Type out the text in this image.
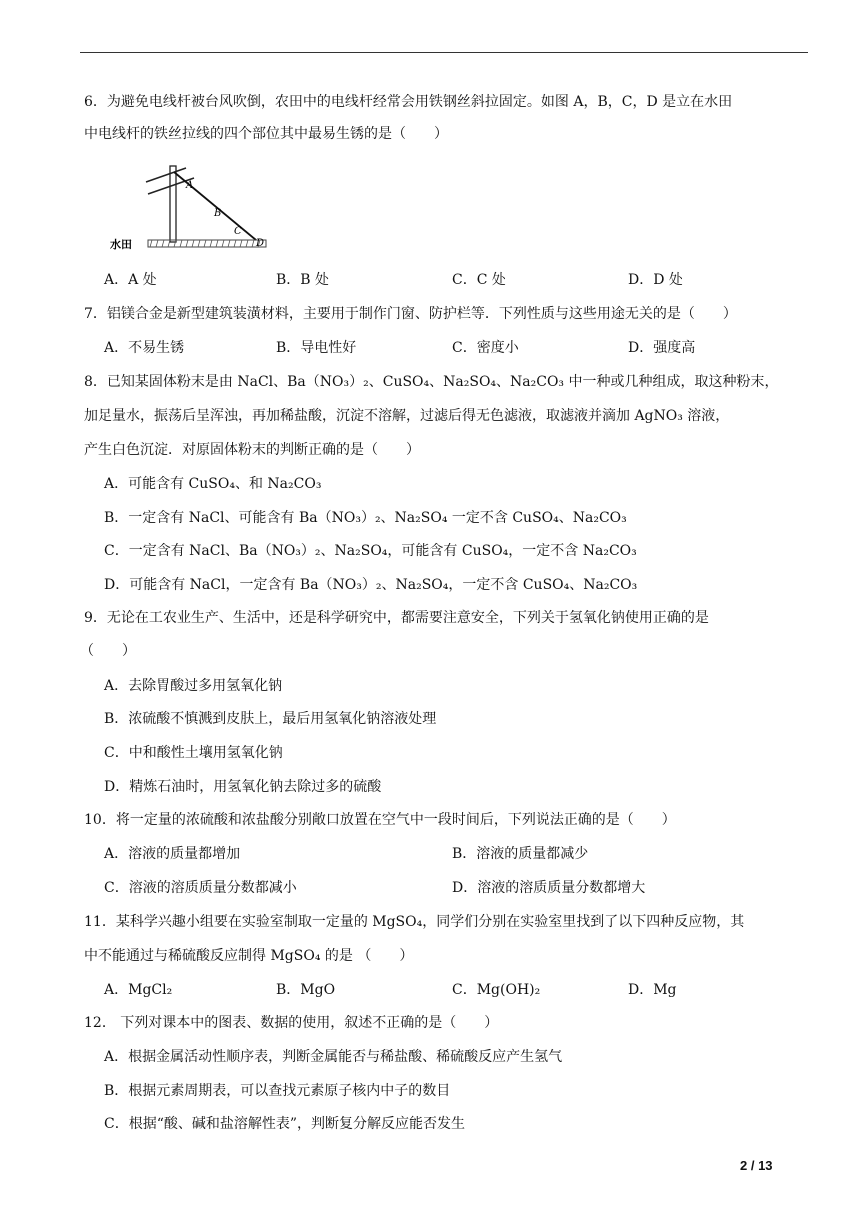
6．为避免电线杆被台风吹倒，农田中的电线杆经常会用铁钢丝斜拉固定。如图 A，B，C，D 是立在水田
中电线杆的铁丝拉线的四个部位其中最易生锈的是（　　）
水田
A
B
C
D
A．A 处	B．B 处	C．C 处	D．D 处
7．铝镁合金是新型建筑装潢材料，主要用于制作门窗、防护栏等．下列性质与这些用途无关的是（　　）
A．不易生锈	B．导电性好	C．密度小	D．强度高
8．已知某固体粉末是由 NaCl、Ba（NO₃）₂、CuSO₄、Na₂SO₄、Na₂CO₃ 中一种或几种组成，取这种粉末，
加足量水，振荡后呈浑浊，再加稀盐酸，沉淀不溶解，过滤后得无色滤液，取滤液并滴加 AgNO₃ 溶液，
产生白色沉淀．对原固体粉末的判断正确的是（　　）
A．可能含有 CuSO₄、和 Na₂CO₃
B．一定含有 NaCl、可能含有 Ba（NO₃）₂、Na₂SO₄ 一定不含 CuSO₄、Na₂CO₃
C．一定含有 NaCl、Ba（NO₃）₂、Na₂SO₄，可能含有 CuSO₄，一定不含 Na₂CO₃
D．可能含有 NaCl，一定含有 Ba（NO₃）₂、Na₂SO₄，一定不含 CuSO₄、Na₂CO₃
9．无论在工农业生产、生活中，还是科学研究中，都需要注意安全，下列关于氢氧化钠使用正确的是
（　　）
A．去除胃酸过多用氢氧化钠
B．浓硫酸不慎溅到皮肤上，最后用氢氧化钠溶液处理
C．中和酸性土壤用氢氧化钠
D．精炼石油时，用氢氧化钠去除过多的硫酸
10．将一定量的浓硫酸和浓盐酸分别敞口放置在空气中一段时间后，下列说法正确的是（　　）
A．溶液的质量都增加	B．溶液的质量都减少
C．溶液的溶质质量分数都减小	D．溶液的溶质质量分数都增大
11．某科学兴趣小组要在实验室制取一定量的 MgSO₄，同学们分别在实验室里找到了以下四种反应物，其
中不能通过与稀硫酸反应制得 MgSO₄ 的是 （　　）
A．MgCl₂	B．MgO	C．Mg(OH)₂	D．Mg
12． 下列对课本中的图表、数据的使用，叙述不正确的是（　　）
A．根据金属活动性顺序表，判断金属能否与稀盐酸、稀硫酸反应产生氢气
B．根据元素周期表，可以查找元素原子核内中子的数目
C．根据“酸、碱和盐溶解性表”，判断复分解反应能否发生
2 / 13
